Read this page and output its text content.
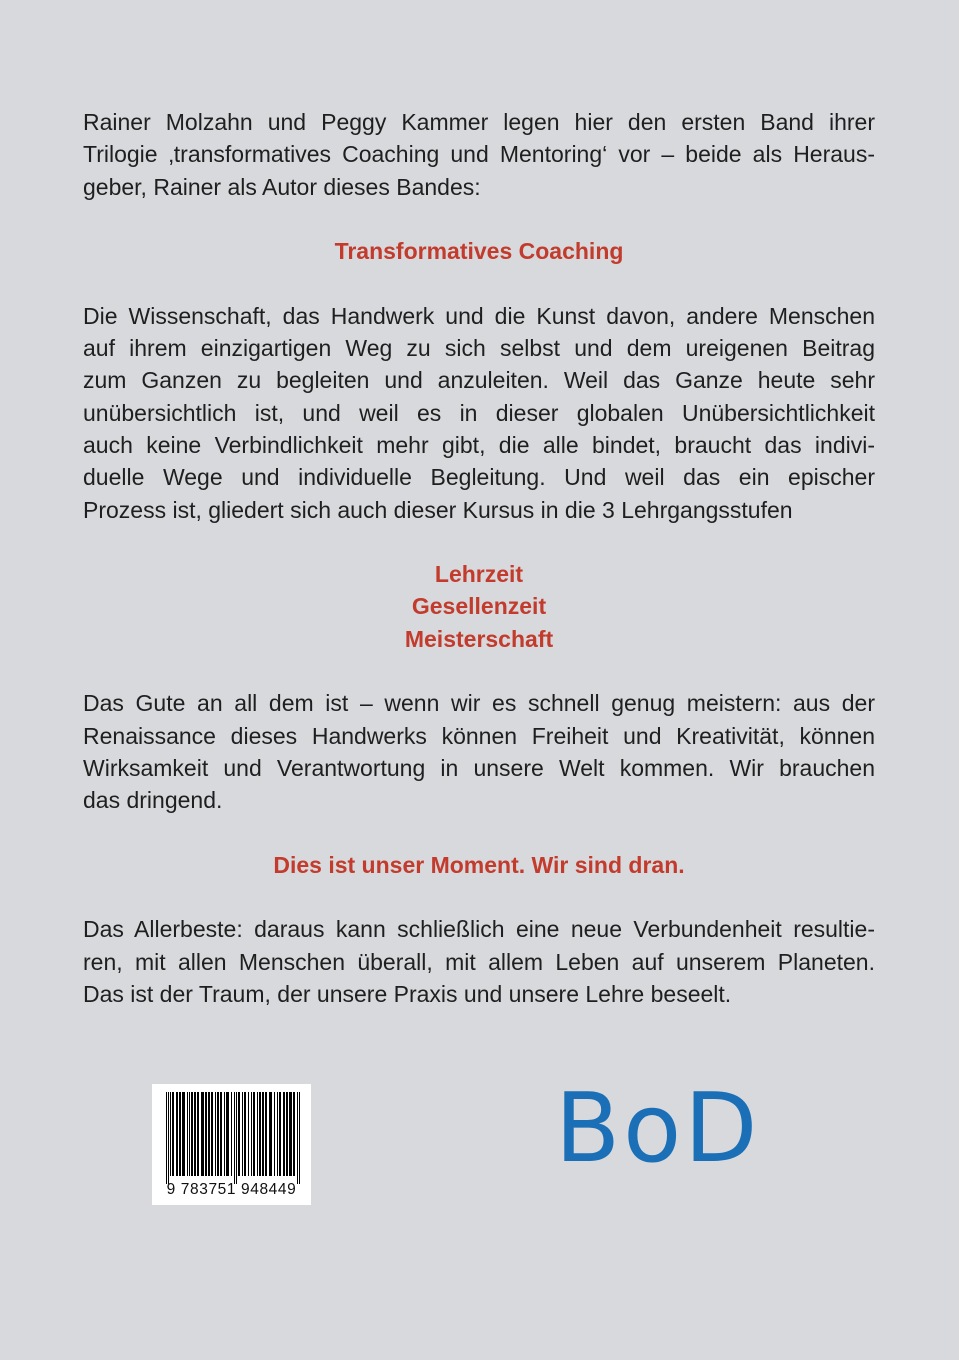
Rainer Molzahn und Peggy Kammer legen hier den ersten Band ihrer
Trilogie ‚transformatives Coaching und Mentoring‘ vor – beide als Heraus-
geber, Rainer als Autor dieses Bandes:

Transformatives Coaching

Die Wissenschaft, das Handwerk und die Kunst davon, andere Menschen
auf ihrem einzigartigen Weg zu sich selbst und dem ureigenen Beitrag
zum Ganzen zu begleiten und anzuleiten. Weil das Ganze heute sehr
unübersichtlich ist, und weil es in dieser globalen Unübersichtlichkeit
auch keine Verbindlichkeit mehr gibt, die alle bindet, braucht das indivi-
duelle Wege und individuelle Begleitung. Und weil das ein epischer
Prozess ist, gliedert sich auch dieser Kursus in die 3 Lehrgangsstufen

Lehrzeit

Gesellenzeit

Meisterschaft

Das Gute an all dem ist – wenn wir es schnell genug meistern: aus der
Renaissance dieses Handwerks können Freiheit und Kreativität, können
Wirksamkeit und Verantwortung in unsere Welt kommen. Wir brauchen
das dringend.

Dies ist unser Moment. Wir sind dran.

Das Allerbeste: daraus kann schließlich eine neue Verbundenheit resultie-
ren, mit allen Menschen überall, mit allem Leben auf unserem Planeten.
Das ist der Traum, der unsere Praxis und unsere Lehre beseelt.

9 783751 948449
BoD
